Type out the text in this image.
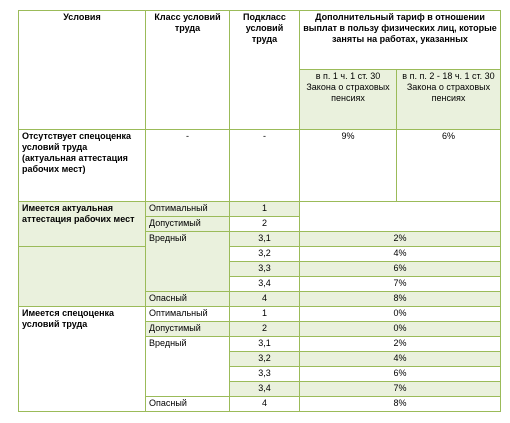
Условия	Класс условий труда	Подкласс условий труда	Дополнительный тариф в отношении выплат в пользу физических лиц, которые заняты на работах, указанных	
			в п. 1 ч. 1 ст. 30 Закона о страховых пенсиях	в п. п. 2 - 18 ч. 1 ст. 30 Закона о страховых пенсиях
Отсутствует спецоценка условий труда (актуальная аттестация рабочих мест)	-	-	9%	6%
Имеется актуальная аттестация рабочих мест	Оптимальный	1		
	Допустимый	2		
	Вредный	3,1	2%	
		3,2	4%	
		3,3	6%	
		3,4	7%	
	Опасный	4	8%	
Имеется спецоценка условий труда	Оптимальный	1	0%	
	Допустимый	2	0%	
	Вредный	3,1	2%	
		3,2	4%	
		3,3	6%	
		3,4	7%	
	Опасный	4	8%	
